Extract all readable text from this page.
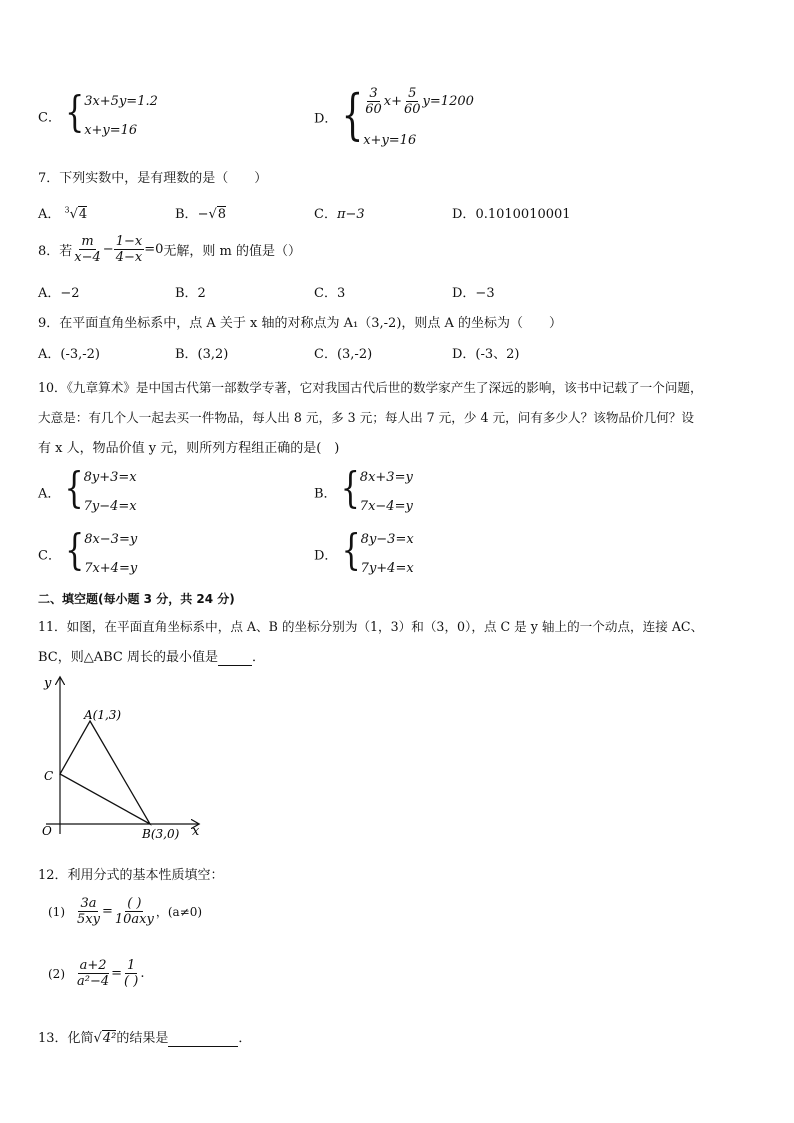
C． { 3x+5y=1.2
x+y=16
D． { $\frac{3}{60} x+ \frac{5}{60}$ y =1200
x+y=16
7．下列实数中，是有理数的是（　　）
A． $^3$√4	B．−√8	C．π−3	D．0.1010010001
8．若 $\frac{m}{x-4} - \frac{1-x}{4-x} =0$ 无解，则 m 的值是（）
A．−2	B．2	C．3	D．−3
9．在平面直角坐标系中，点 A 关于 x 轴的对称点为 A₁（3,-2)，则点 A 的坐标为（　　）
A．(-3,-2)	B．(3,2)	C．(3,-2)	D．(-3、2)
10．《九章算术》是中国古代第一部数学专著，它对我国古代后世的数学家产生了深远的影响，该书中记载了一个问题，
大意是：有几个人一起去买一件物品，每人出 8 元，多 3 元；每人出 7 元，少 4 元，问有多少人？该物品价几何？设
有 x 人，物品价值 y 元，则所列方程组正确的是(　)
A． { 8y+3=x
7y−4=x
B． { 8x+3=y
7x−4=y
C． { 8x−3=y
7x+4=y
D． { 8y−3=x
7y+4=x
二、填空题(每小题 3 分，共 24 分)
11．如图，在平面直角坐标系中，点 A、B 的坐标分别为（1，3）和（3，0），点 C 是 y 轴上的一个动点，连接 AC、
BC，则△ABC 周长的最小值是	．
y
x
O
A(1,3)
B(3,0)
C
12．利用分式的基本性质填空：
$(1) \frac{3a}{5xy} = \frac{( )}{\text{10axy}}$ ，(a≠0)
$(2) \frac{a+2}{\text{a²−4}} = \frac{1}{( )}$ .
13．化简√4²的结果是	．
